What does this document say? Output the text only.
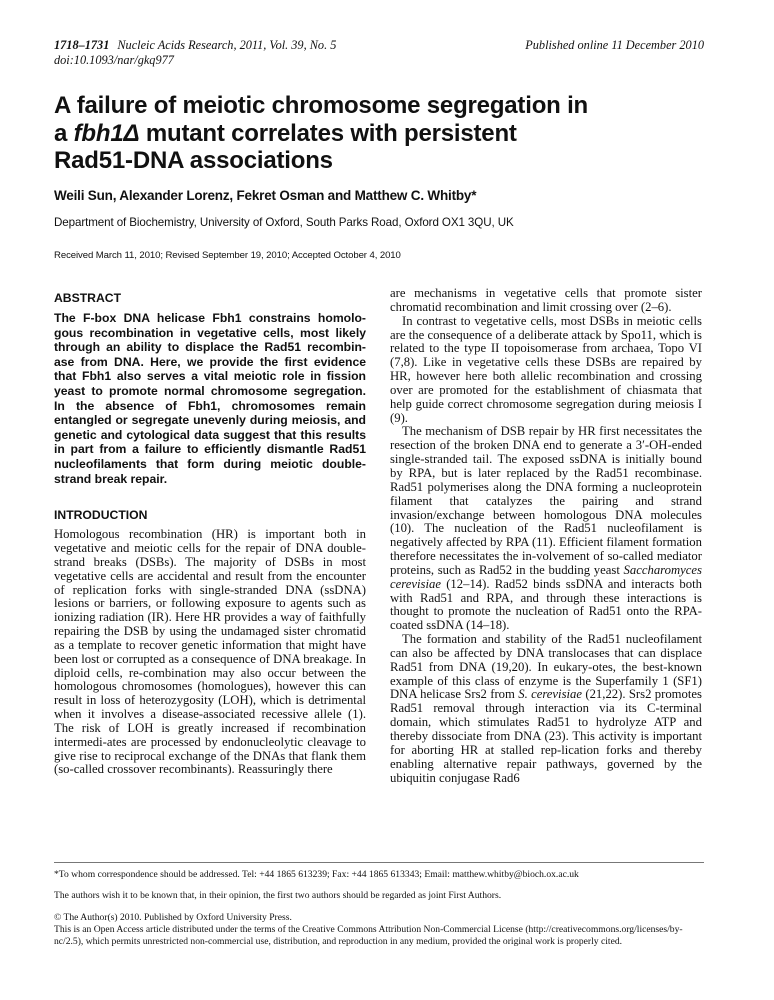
1718–1731 Nucleic Acids Research, 2011, Vol. 39, No. 5	Published online 11 December 2010
doi:10.1093/nar/gkq977
A failure of meiotic chromosome segregation in
a fbh1Δ mutant correlates with persistent
Rad51-DNA associations
Weili Sun, Alexander Lorenz, Fekret Osman and Matthew C. Whitby*
Department of Biochemistry, University of Oxford, South Parks Road, Oxford OX1 3QU, UK
Received March 11, 2010; Revised September 19, 2010; Accepted October 4, 2010
ABSTRACT

The F-box DNA helicase Fbh1 constrains homolo-gous recombination in vegetative cells, most likely through an ability to displace the Rad51 recombin-ase from DNA. Here, we provide the first evidence that Fbh1 also serves a vital meiotic role in fission yeast to promote normal chromosome segregation. In the absence of Fbh1, chromosomes remain entangled or segregate unevenly during meiosis, and genetic and cytological data suggest that this results in part from a failure to efficiently dismantle Rad51 nucleofilaments that form during meiotic double-strand break repair.

INTRODUCTION

Homologous recombination (HR) is important both in vegetative and meiotic cells for the repair of DNA double-strand breaks (DSBs). The majority of DSBs in most vegetative cells are accidental and result from the encounter of replication forks with single-stranded DNA (ssDNA) lesions or barriers, or following exposure to agents such as ionizing radiation (IR). Here HR provides a way of faithfully repairing the DSB by using the undamaged sister chromatid as a template to recover genetic information that might have been lost or corrupted as a consequence of DNA breakage. In diploid cells, re-combination may also occur between the homologous chromosomes (homologues), however this can result in loss of heterozygosity (LOH), which is detrimental when it involves a disease-associated recessive allele (1). The risk of LOH is greatly increased if recombination intermedi-ates are processed by endonucleolytic cleavage to give rise to reciprocal exchange of the DNAs that flank them (so-called crossover recombinants). Reassuringly there

are mechanisms in vegetative cells that promote sister chromatid recombination and limit crossing over (2–6).

In contrast to vegetative cells, most DSBs in meiotic cells are the consequence of a deliberate attack by Spo11, which is related to the type II topoisomerase from archaea, Topo VI (7,8). Like in vegetative cells these DSBs are repaired by HR, however here both allelic recombination and crossing over are promoted for the establishment of chiasmata that help guide correct chromosome segregation during meiosis I (9).

The mechanism of DSB repair by HR first necessitates the resection of the broken DNA end to generate a 3′-OH-ended single-stranded tail. The exposed ssDNA is initially bound by RPA, but is later replaced by the Rad51 recombinase. Rad51 polymerises along the DNA forming a nucleoprotein filament that catalyzes the pairing and strand invasion/exchange between homologous DNA molecules (10). The nucleation of the Rad51 nucleofilament is negatively affected by RPA (11). Efficient filament formation therefore necessitates the in-volvement of so-called mediator proteins, such as Rad52 in the budding yeast Saccharomyces cerevisiae (12–14). Rad52 binds ssDNA and interacts both with Rad51 and RPA, and through these interactions is thought to promote the nucleation of Rad51 onto the RPA-coated ssDNA (14–18).

The formation and stability of the Rad51 nucleofilament can also be affected by DNA translocases that can displace Rad51 from DNA (19,20). In eukary-otes, the best-known example of this class of enzyme is the Superfamily 1 (SF1) DNA helicase Srs2 from S. cerevisiae (21,22). Srs2 promotes Rad51 removal through interaction via its C-terminal domain, which stimulates Rad51 to hydrolyze ATP and thereby dissociate from DNA (23). This activity is important for aborting HR at stalled rep-lication forks and thereby enabling alternative repair pathways, governed by the ubiquitin conjugase Rad6

*To whom correspondence should be addressed. Tel: +44 1865 613239; Fax: +44 1865 613343; Email: matthew.whitby@bioch.ox.ac.uk

The authors wish it to be known that, in their opinion, the first two authors should be regarded as joint First Authors.

© The Author(s) 2010. Published by Oxford University Press.

This is an Open Access article distributed under the terms of the Creative Commons Attribution Non-Commercial License (http://creativecommons.org/licenses/by-nc/2.5), which permits unrestricted non-commercial use, distribution, and reproduction in any medium, provided the original work is properly cited.
